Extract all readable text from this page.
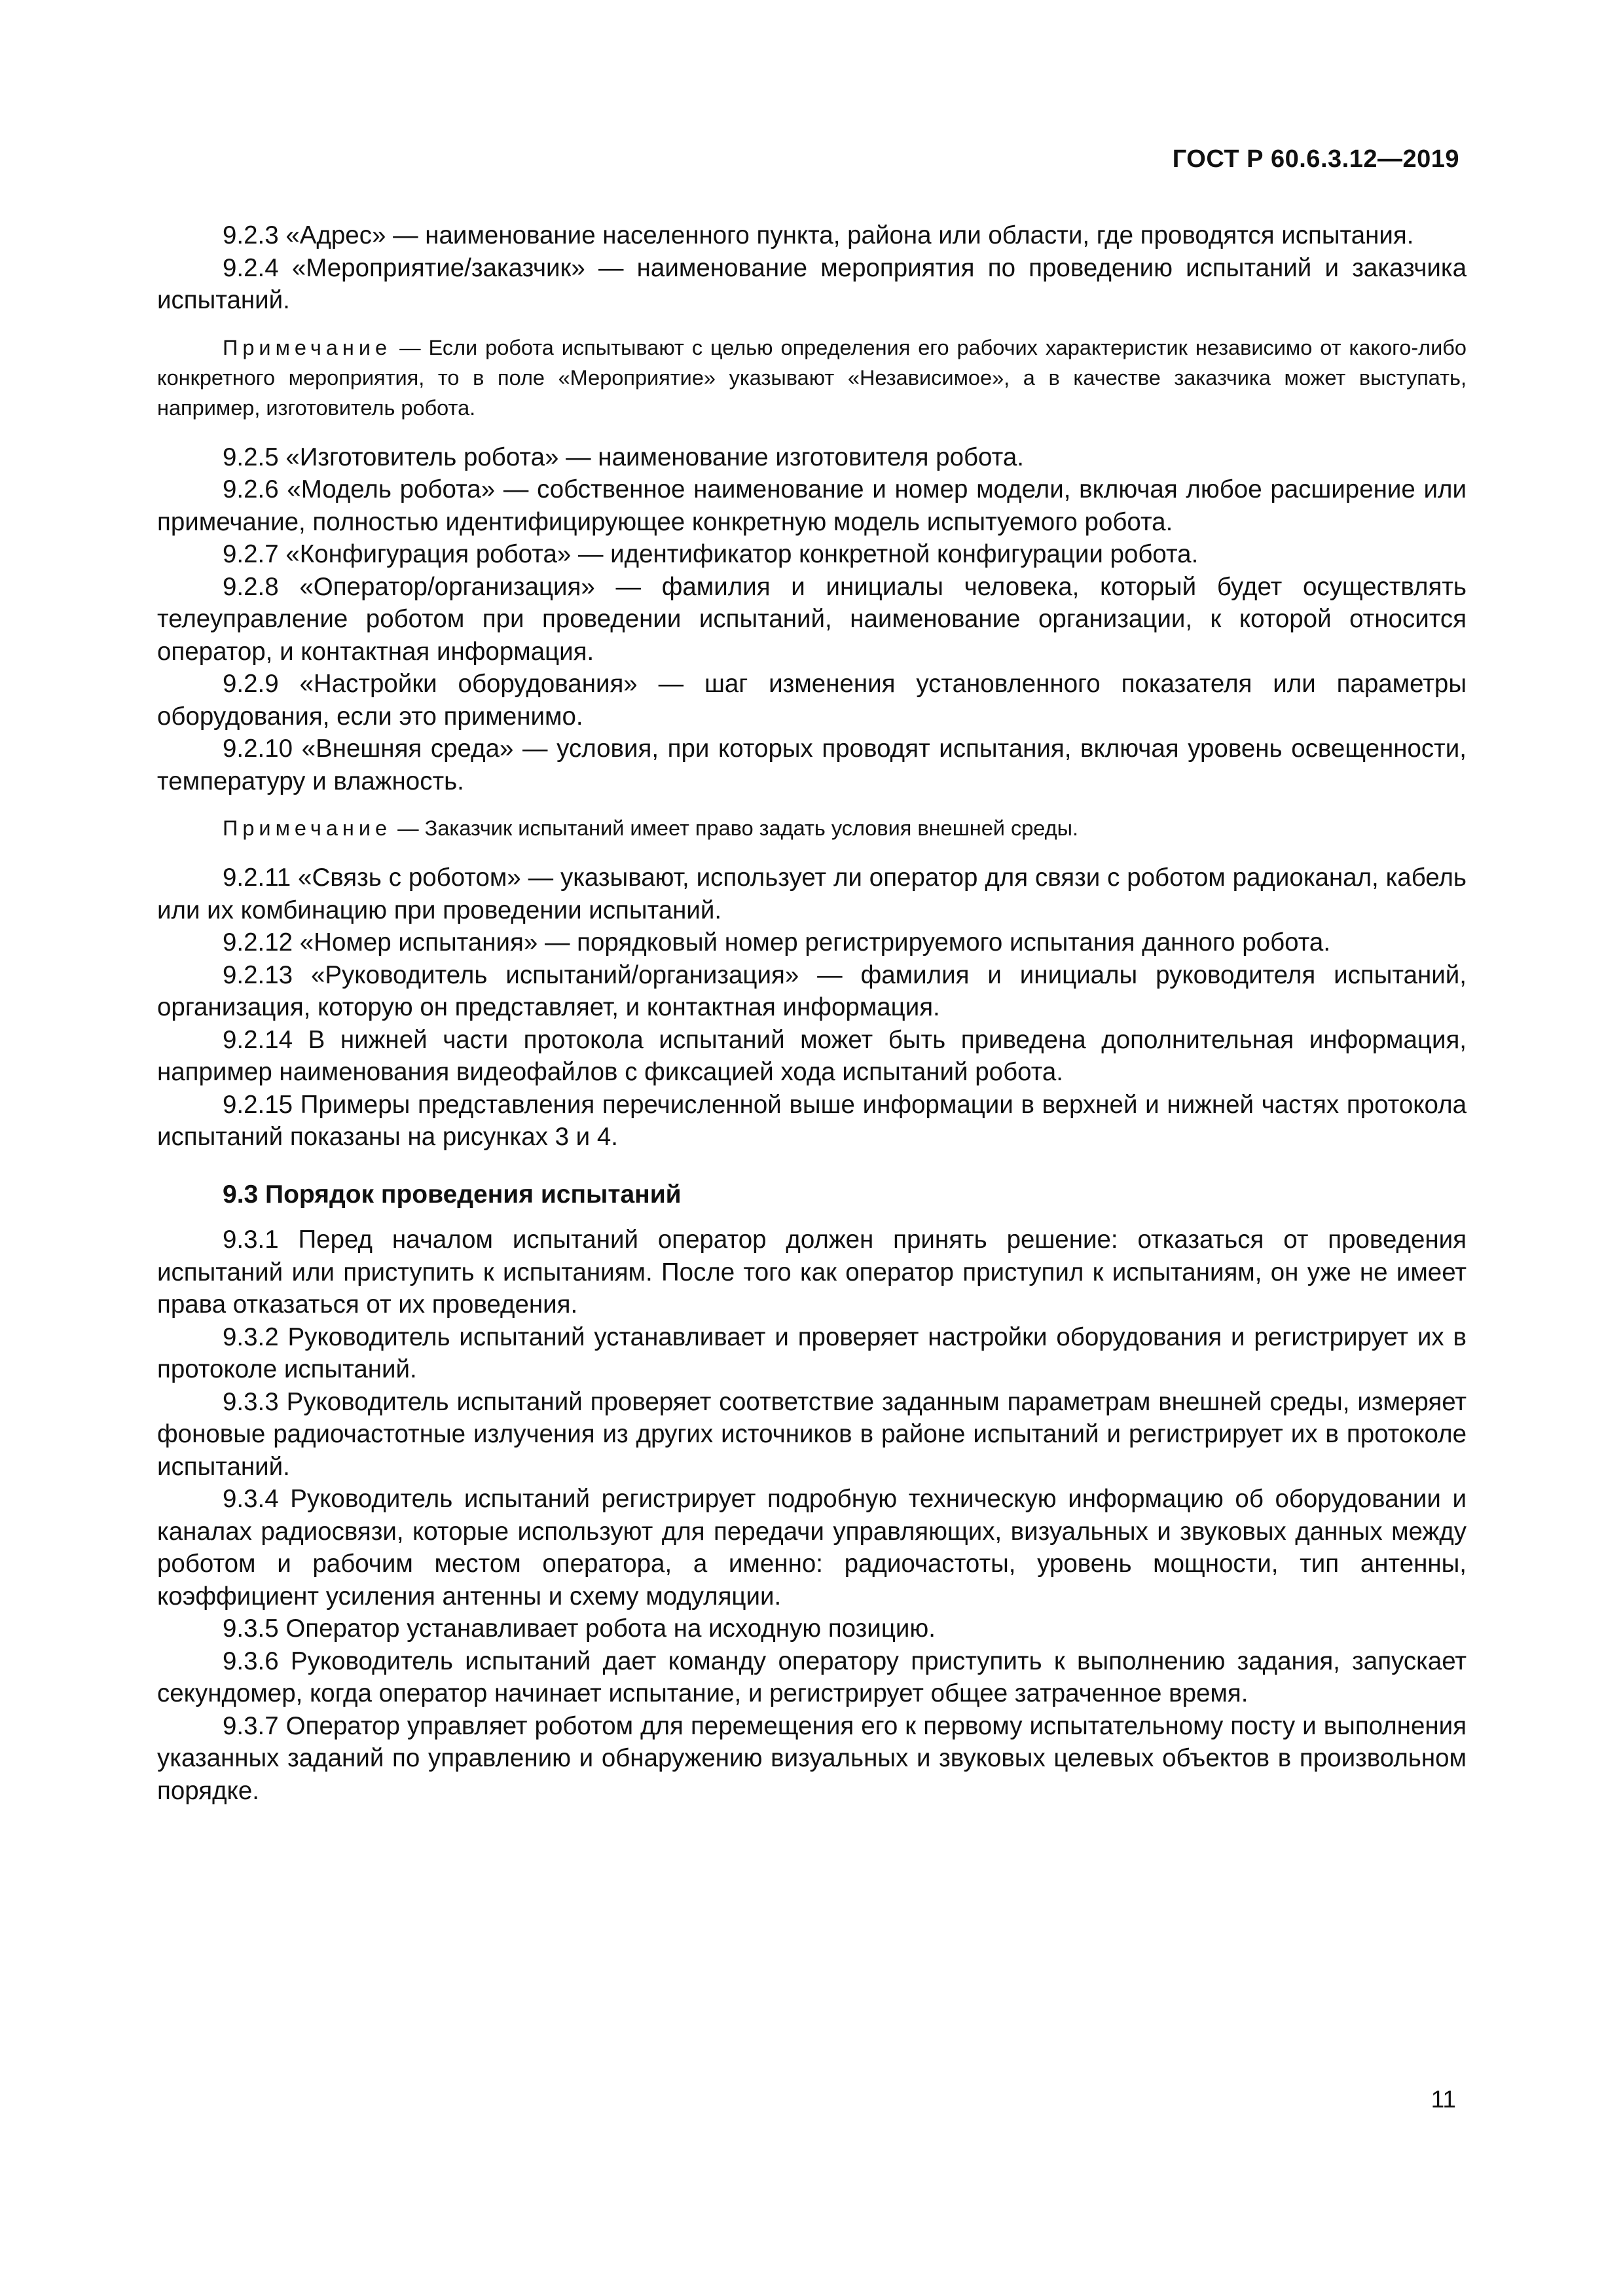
ГОСТ Р 60.6.3.12—2019

9.2.3 «Адрес» — наименование населенного пункта, района или области, где проводятся испытания.

9.2.4 «Мероприятие/заказчик» — наименование мероприятия по проведению испытаний и заказчика испытаний.

Примечание — Если робота испытывают с целью определения его рабочих характеристик независимо от какого-либо конкретного мероприятия, то в поле «Мероприятие» указывают «Независимое», а в качестве заказчика может выступать, например, изготовитель робота.

9.2.5 «Изготовитель робота» — наименование изготовителя робота.

9.2.6 «Модель робота» — собственное наименование и номер модели, включая любое расширение или примечание, полностью идентифицирующее конкретную модель испытуемого робота.

9.2.7 «Конфигурация робота» — идентификатор конкретной конфигурации робота.

9.2.8 «Оператор/организация» — фамилия и инициалы человека, который будет осуществлять телеуправление роботом при проведении испытаний, наименование организации, к которой относится оператор, и контактная информация.

9.2.9 «Настройки оборудования» — шаг изменения установленного показателя или параметры оборудования, если это применимо.

9.2.10 «Внешняя среда» — условия, при которых проводят испытания, включая уровень освещенности, температуру и влажность.

Примечание — Заказчик испытаний имеет право задать условия внешней среды.

9.2.11 «Связь с роботом» — указывают, использует ли оператор для связи с роботом радиоканал, кабель или их комбинацию при проведении испытаний.

9.2.12 «Номер испытания» — порядковый номер регистрируемого испытания данного робота.

9.2.13 «Руководитель испытаний/организация» — фамилия и инициалы руководителя испытаний, организация, которую он представляет, и контактная информация.

9.2.14 В нижней части протокола испытаний может быть приведена дополнительная информация, например наименования видеофайлов с фиксацией хода испытаний робота.

9.2.15 Примеры представления перечисленной выше информации в верхней и нижней частях протокола испытаний показаны на рисунках 3 и 4.

9.3 Порядок проведения испытаний

9.3.1 Перед началом испытаний оператор должен принять решение: отказаться от проведения испытаний или приступить к испытаниям. После того как оператор приступил к испытаниям, он уже не имеет права отказаться от их проведения.

9.3.2 Руководитель испытаний устанавливает и проверяет настройки оборудования и регистрирует их в протоколе испытаний.

9.3.3 Руководитель испытаний проверяет соответствие заданным параметрам внешней среды, измеряет фоновые радиочастотные излучения из других источников в районе испытаний и регистрирует их в протоколе испытаний.

9.3.4 Руководитель испытаний регистрирует подробную техническую информацию об оборудовании и каналах радиосвязи, которые используют для передачи управляющих, визуальных и звуковых данных между роботом и рабочим местом оператора, а именно: радиочастоты, уровень мощности, тип антенны, коэффициент усиления антенны и схему модуляции.

9.3.5 Оператор устанавливает робота на исходную позицию.

9.3.6 Руководитель испытаний дает команду оператору приступить к выполнению задания, запускает секундомер, когда оператор начинает испытание, и регистрирует общее затраченное время.

9.3.7 Оператор управляет роботом для перемещения его к первому испытательному посту и выполнения указанных заданий по управлению и обнаружению визуальных и звуковых целевых объектов в произвольном порядке.

11
